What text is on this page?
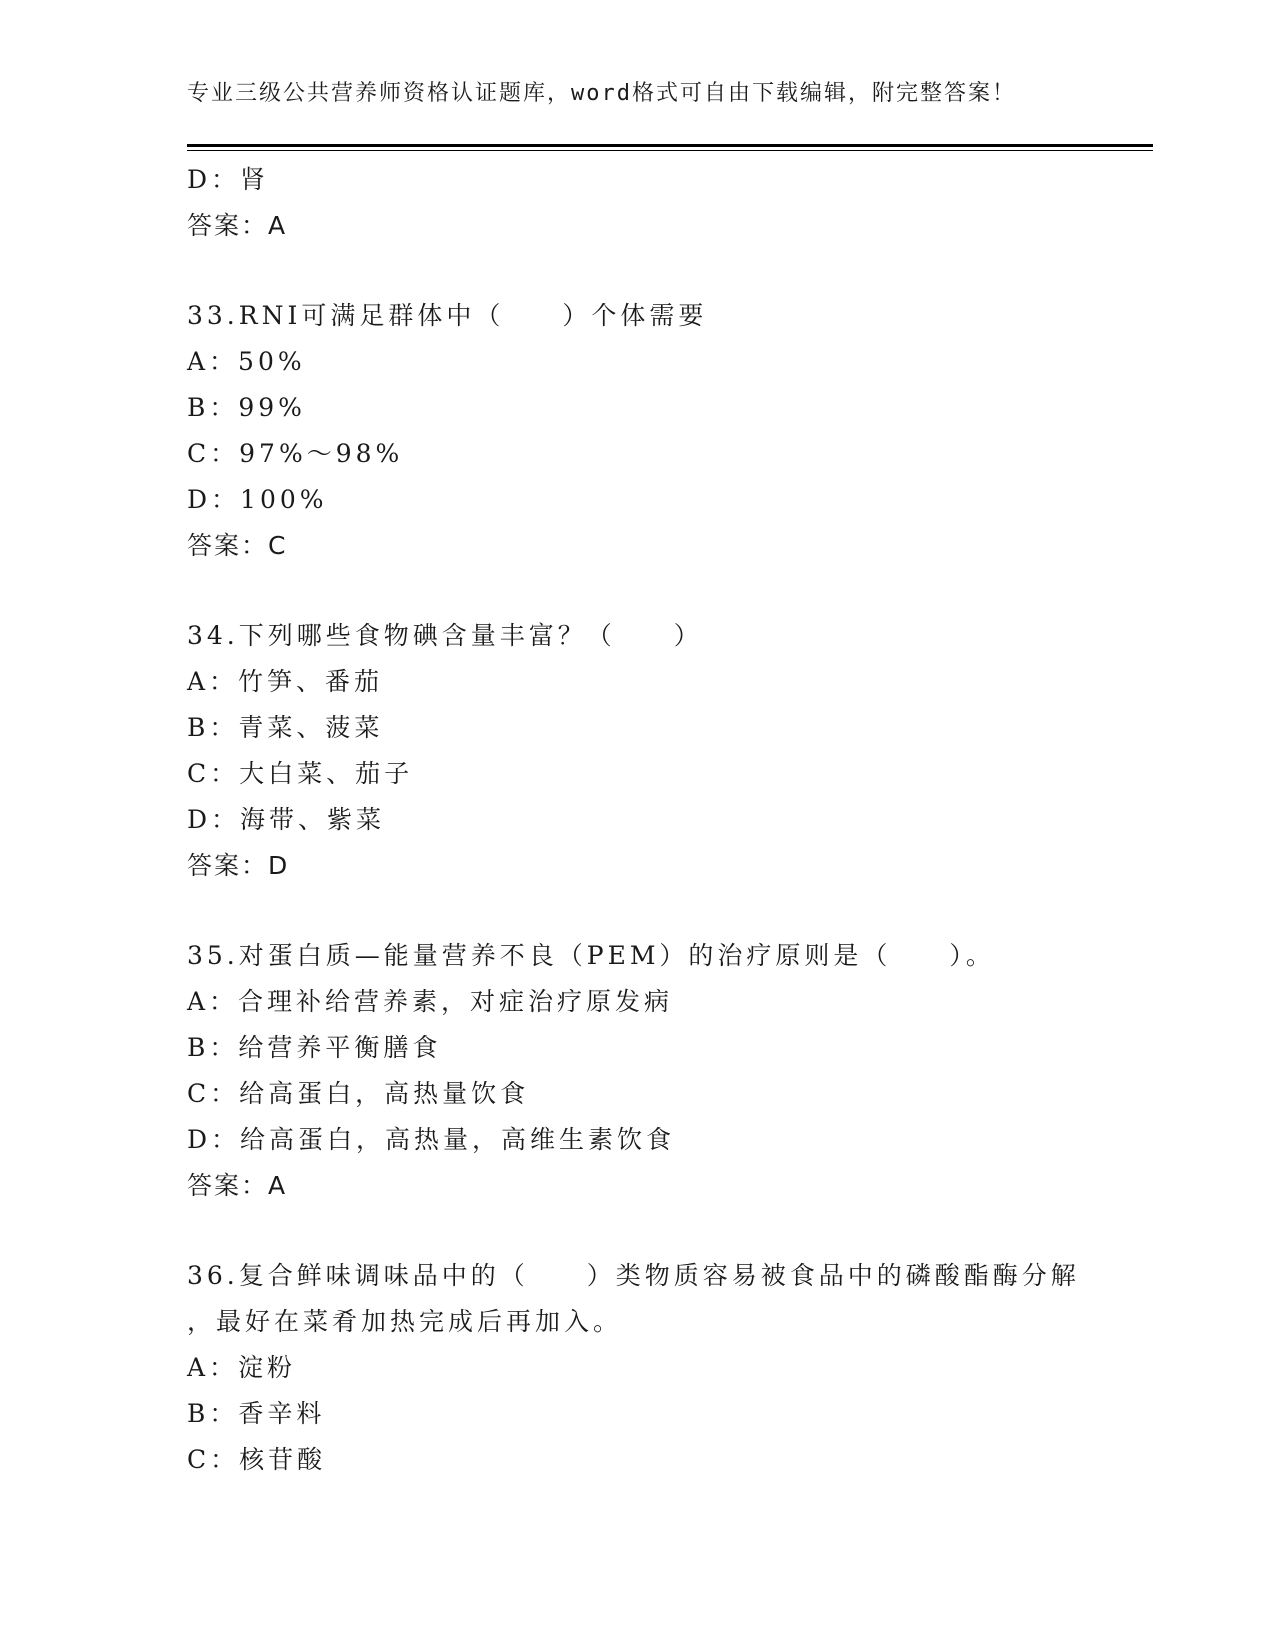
专业三级公共营养师资格认证题库，word格式可自由下载编辑，附完整答案！
D：肾
答案：A
33.RNI可满足群体中（　　）个体需要
A：50%
B：99%
C：97%～98%
D：100%
答案：C
34.下列哪些食物碘含量丰富？（　　）
A：竹笋、番茄
B：青菜、菠菜
C：大白菜、茄子
D：海带、紫菜
答案：D
35.对蛋白质—能量营养不良（PEM）的治疗原则是（　　）。
A：合理补给营养素，对症治疗原发病
B：给营养平衡膳食
C：给高蛋白，高热量饮食
D：给高蛋白，高热量，高维生素饮食
答案：A
36.复合鲜味调味品中的（　　）类物质容易被食品中的磷酸酯酶分解
，最好在菜肴加热完成后再加入。
A：淀粉
B：香辛料
C：核苷酸
